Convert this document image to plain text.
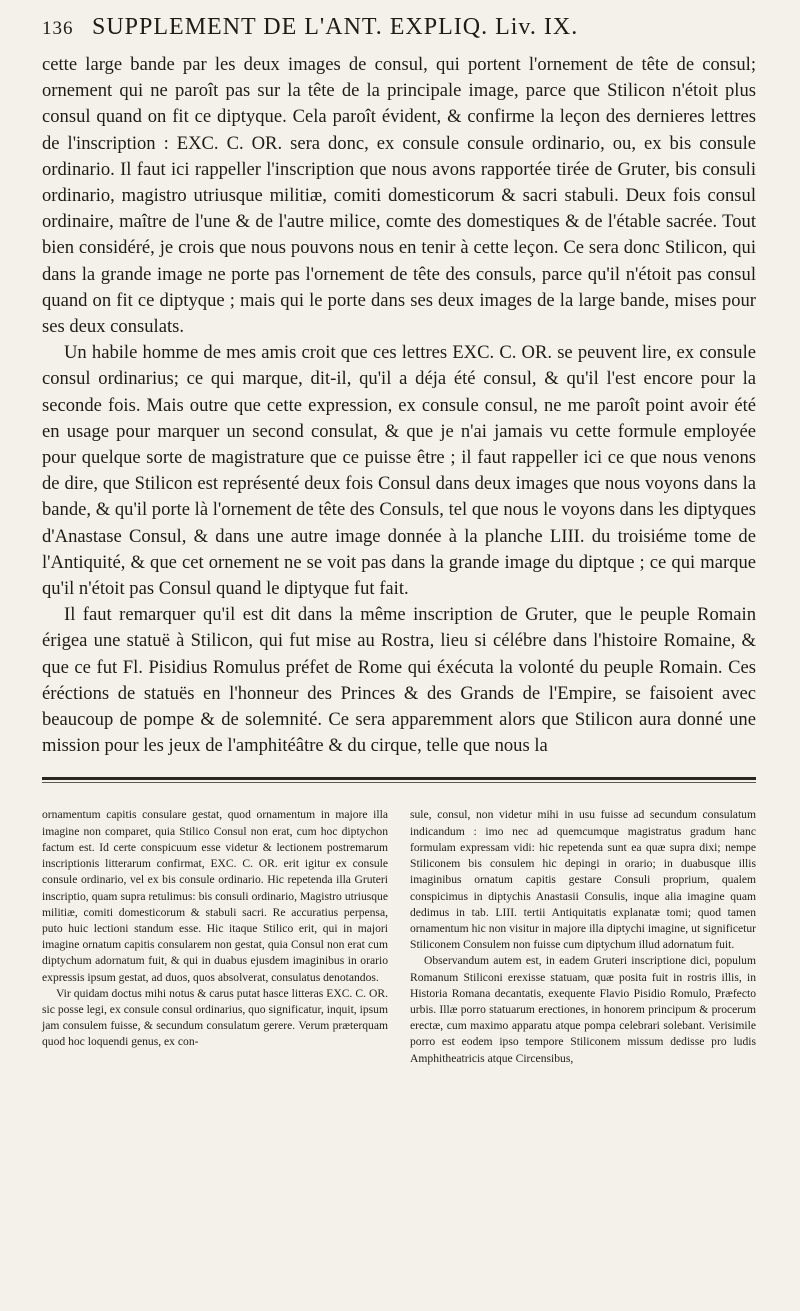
136 SUPPLEMENT DE L'ANT. EXPLIQ. Liv. IX.

cette large bande par les deux images de consul, qui portent l'ornement de tête de consul; ornement qui ne paroît pas sur la tête de la principale image, parce que Stilicon n'étoit plus consul quand on fit ce diptyque. Cela paroît évident, & confirme la leçon des dernieres lettres de l'inscription : EXC. C. OR. sera donc, ex consule consule ordinario, ou, ex bis consule ordinario. Il faut ici rappeller l'inscription que nous avons rapportée tirée de Gruter, bis consuli ordinario, magistro utriusque militiæ, comiti domesticorum & sacri stabuli. Deux fois consul ordinaire, maître de l'une & de l'autre milice, comte des domestiques & de l'étable sacrée. Tout bien considéré, je crois que nous pouvons nous en tenir à cette leçon. Ce sera donc Stilicon, qui dans la grande image ne porte pas l'ornement de tête des consuls, parce qu'il n'étoit pas consul quand on fit ce diptyque ; mais qui le porte dans ses deux images de la large bande, mises pour ses deux consulats.

Un habile homme de mes amis croit que ces lettres EXC. C. OR. se peuvent lire, ex consule consul ordinarius; ce qui marque, dit-il, qu'il a déja été consul, & qu'il l'est encore pour la seconde fois. Mais outre que cette expression, ex consule consul, ne me paroît point avoir été en usage pour marquer un second consulat, & que je n'ai jamais vu cette formule employée pour quelque sorte de magistrature que ce puisse être ; il faut rappeller ici ce que nous venons de dire, que Stilicon est représenté deux fois Consul dans deux images que nous voyons dans la bande, & qu'il porte là l'ornement de tête des Consuls, tel que nous le voyons dans les diptyques d'Anastase Consul, & dans une autre image donnée à la planche LIII. du troisiéme tome de l'Antiquité, & que cet ornement ne se voit pas dans la grande image du diptque ; ce qui marque qu'il n'étoit pas Consul quand le diptyque fut fait.

Il faut remarquer qu'il est dit dans la même inscription de Gruter, que le peuple Romain érigea une statuë à Stilicon, qui fut mise au Rostra, lieu si célébre dans l'histoire Romaine, & que ce fut Fl. Pisidius Romulus préfet de Rome qui éxécuta la volonté du peuple Romain. Ces éréctions de statuës en l'honneur des Princes & des Grands de l'Empire, se faisoient avec beaucoup de pompe & de solemnité. Ce sera apparemment alors que Stilicon aura donné une mission pour les jeux de l'amphitéâtre & du cirque, telle que nous la

ornamentum capitis consulare gestat, quod ornamentum in majore illa imagine non comparet, quia Stilico Consul non erat, cum hoc diptychon factum est. Id certe conspicuum esse videtur & lectionem postremarum inscriptionis litterarum confirmat, EXC. C. OR. erit igitur ex consule consule ordinario, vel ex bis consule ordinario. Hic repetenda illa Gruteri inscriptio, quam supra retulimus: bis consuli ordinario, Magistro utriusque militiæ, comiti domesticorum & stabuli sacri. Re accuratius perpensa, puto huic lectioni standum esse. Hic itaque Stilico erit, qui in majori imagine ornatum capitis consularem non gestat, quia Consul non erat cum diptychum adornatum fuit, & qui in duabus ejusdem imaginibus in orario expressis ipsum gestat, ad duos, quos absolverat, consulatus denotandos.

Vir quidam doctus mihi notus & carus putat hasce litteras EXC. C. OR. sic posse legi, ex consule consul ordinarius, quo significatur, inquit, ipsum jam consulem fuisse, & secundum consulatum gerere. Verum præterquam quod hoc loquendi genus, ex con-

sule, consul, non videtur mihi in usu fuisse ad secundum consulatum indicandum : imo nec ad quemcumque magistratus gradum hanc formulam expressam vidi: hic repetenda sunt ea quæ supra dixi; nempe Stiliconem bis consulem hic depingi in orario; in duabusque illis imaginibus ornatum capitis gestare Consuli proprium, qualem conspicimus in diptychis Anastasii Consulis, inque alia imagine quam dedimus in tab. LIII. tertii Antiquitatis explanatæ tomi; quod tamen ornamentum hic non visitur in majore illa diptychi imagine, ut significetur Stiliconem Consulem non fuisse cum diptychum illud adornatum fuit.

Observandum autem est, in eadem Gruteri inscriptione dici, populum Romanum Stiliconi erexisse statuam, quæ posita fuit in rostris illis, in Historia Romana decantatis, exequente Flavio Pisidio Romulo, Præfecto urbis. Illæ porro statuarum erectiones, in honorem principum & procerum erectæ, cum maximo apparatu atque pompa celebrari solebant. Verisimile porro est eodem ipso tempore Stiliconem missum dedisse pro ludis Amphitheatricis atque Circensibus,
